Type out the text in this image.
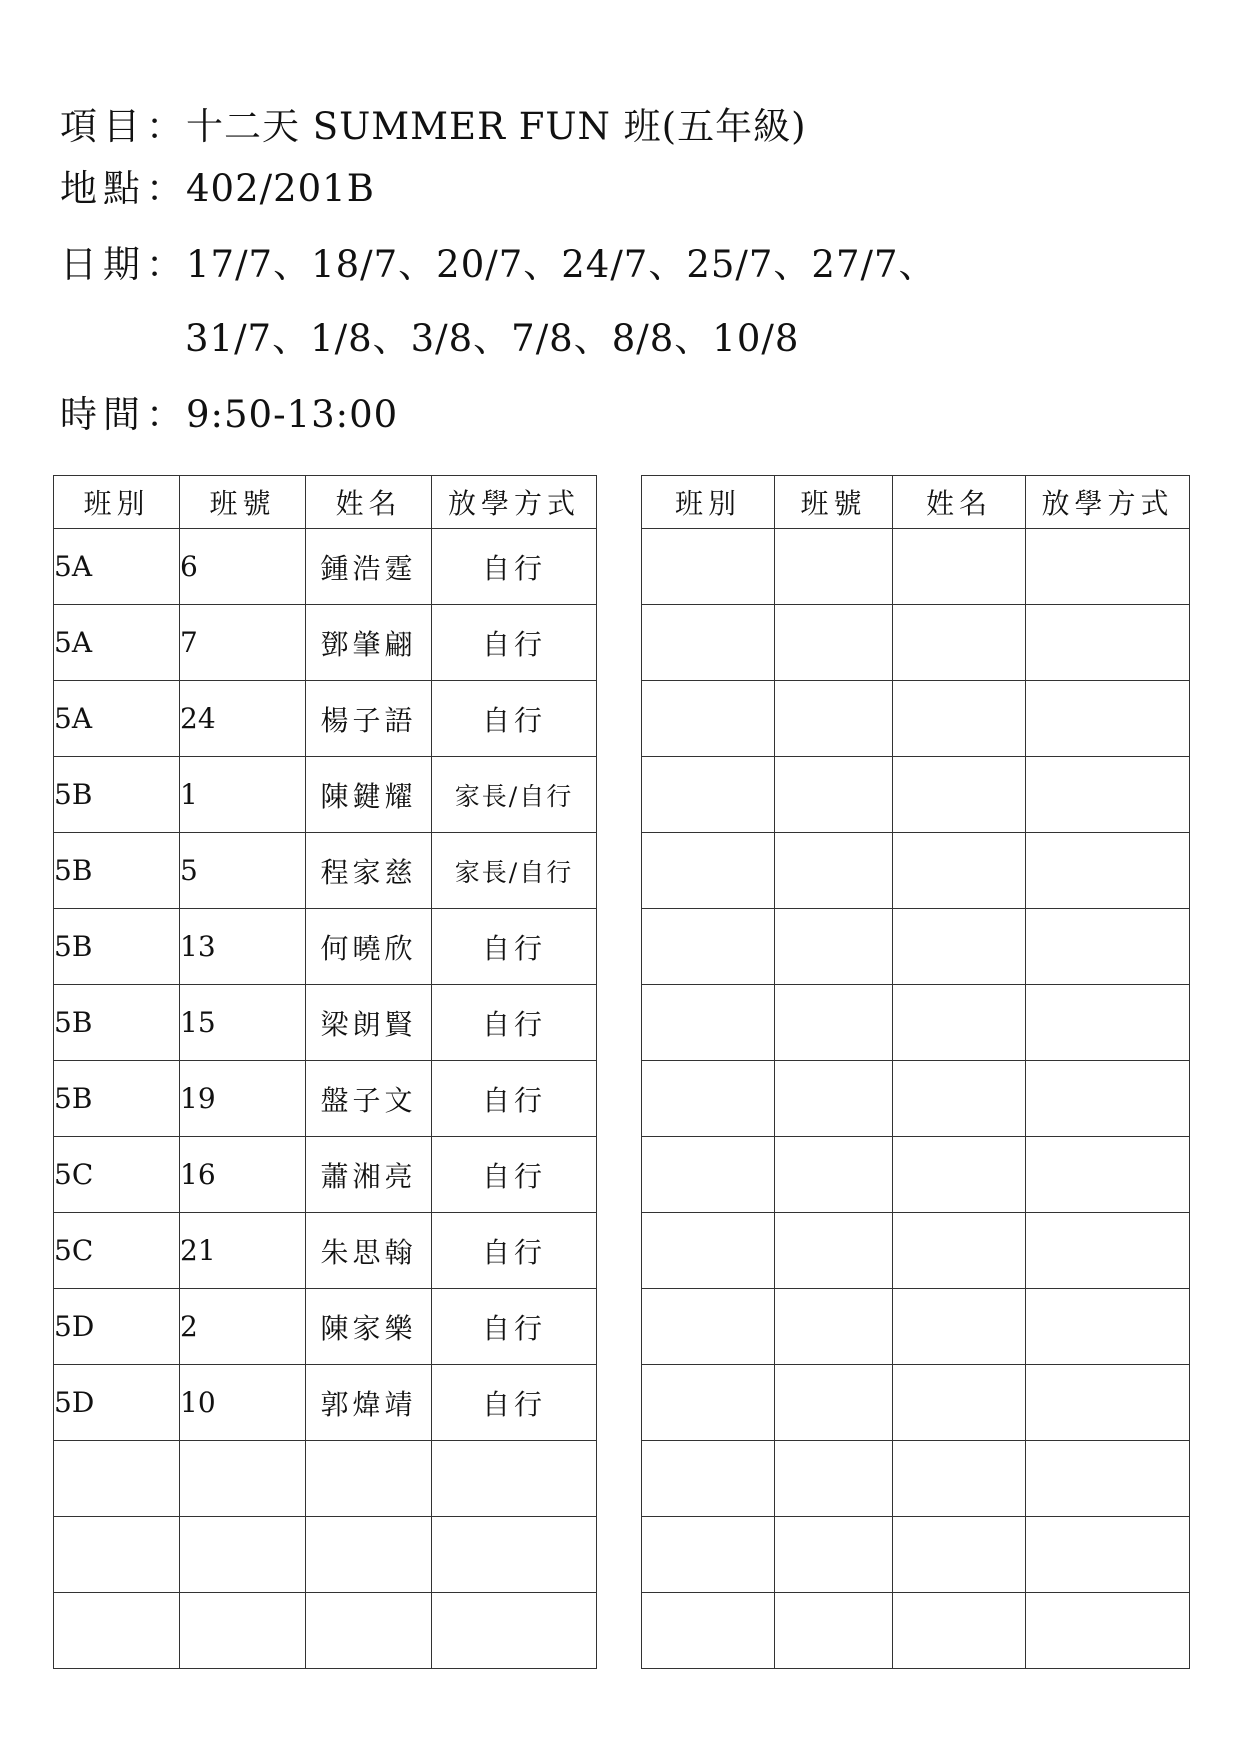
項目：十二天 SUMMER FUN 班(五年級)
地點：402/201B
日期：17/7、18/7、20/7、24/7、25/7、27/7、
31/7、1/8、3/8、7/8、8/8、10/8
時間：9:50-13:00
班別	班號	姓名	放學方式
5A	6	鍾浩霆	自行
5A	7	鄧肇翩	自行
5A	24	楊子語	自行
5B	1	陳鍵耀	家長/自行
5B	5	程家慈	家長/自行
5B	13	何曉欣	自行
5B	15	梁朗賢	自行
5B	19	盤子文	自行
5C	16	蕭湘亮	自行
5C	21	朱思翰	自行
5D	2	陳家樂	自行
5D	10	郭煒靖	自行

班別	班號	姓名	放學方式
